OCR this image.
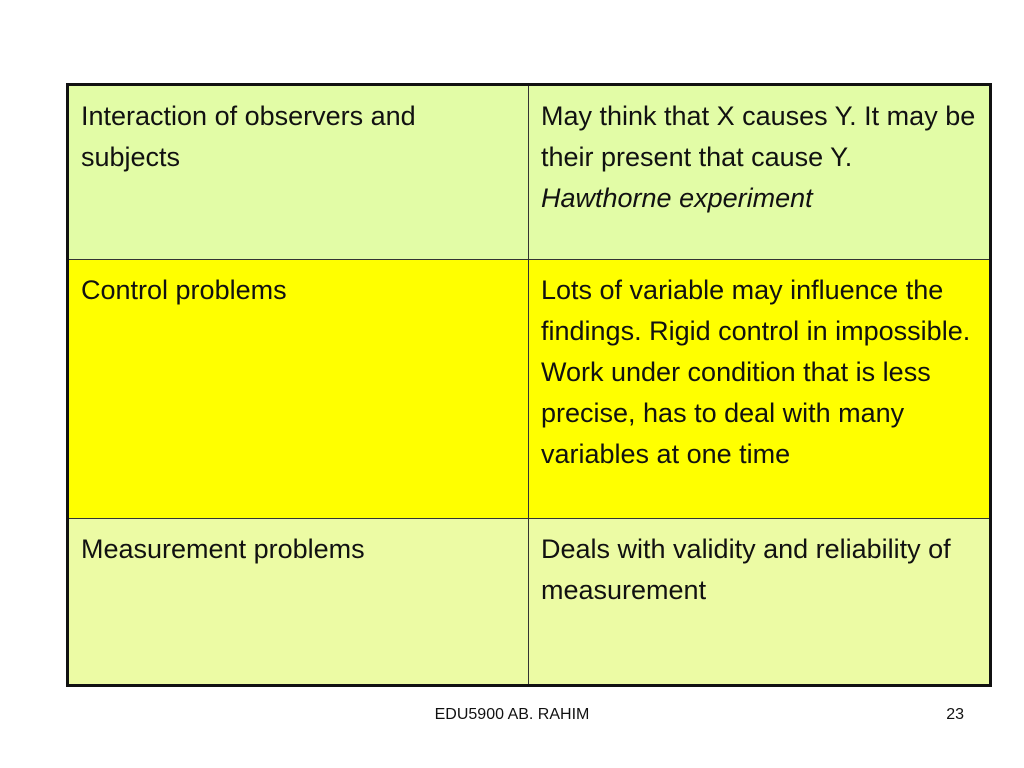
Interaction of observers and subjects	May think that X causes Y. It may be their present that cause Y. Hawthorne experiment
Control problems	Lots of variable may influence the findings. Rigid control in impossible. Work under condition that is less precise, has to deal with many variables at one time
Measurement problems	Deals with validity and reliability of measurement
EDU5900 AB. RAHIM	23
